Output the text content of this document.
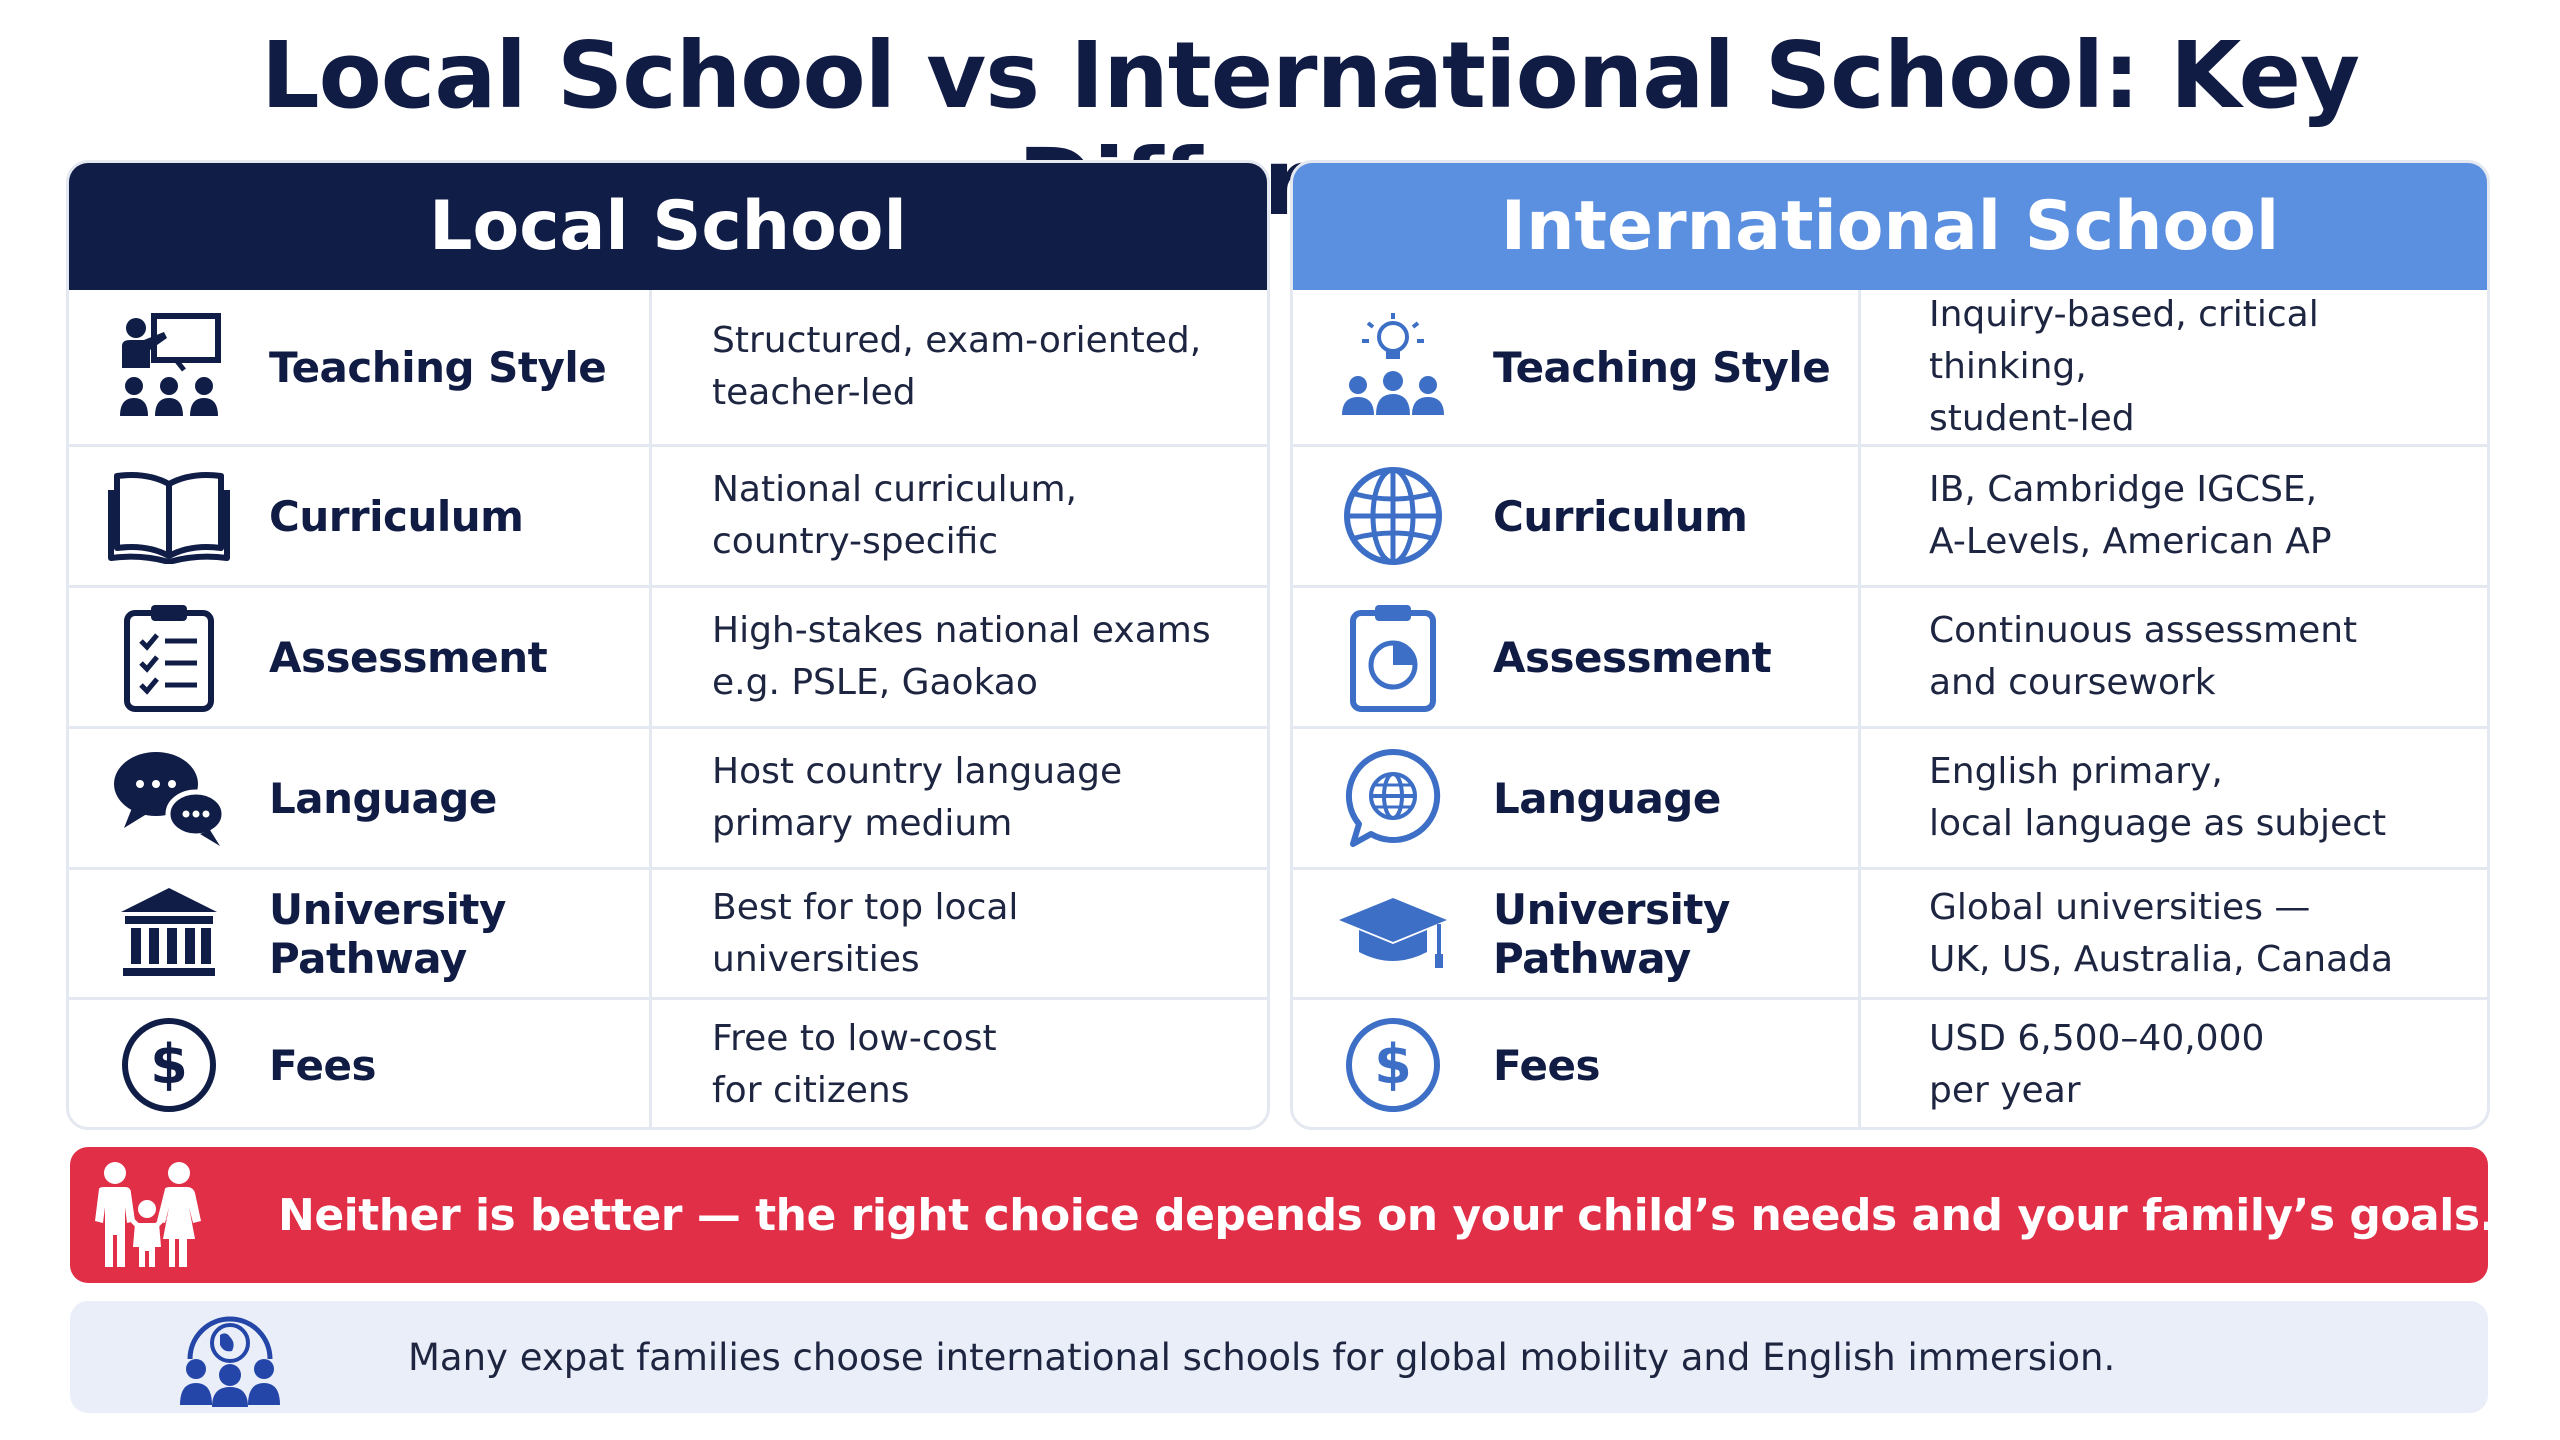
Local School vs International School: Key
Local School
Teaching Style
Structured, exam-oriented,
teacher-led
Curriculum
National curriculum,
country-specific
Assessment
High-stakes national exams
e.g. PSLE, Gaokao
Language
Host country language
primary medium
University Pathway
Best for top local
universities
$ Fees
Free to low-cost
for citizens
International School
Teaching Style
Inquiry-based, critical thinking,
student-led
Curriculum
IB, Cambridge IGCSE,
A-Levels, American AP
Assessment
Continuous assessment
and coursework
Language
English primary,
local language as subject
University Pathway
Global universities —
UK, US, Australia, Canada
$ Fees
USD 6,500–40,000
per year
Neither is better — the right choice depends on your child’s needs and your family’s goals.
Many expat families choose international schools for global mobility and English immersion.
